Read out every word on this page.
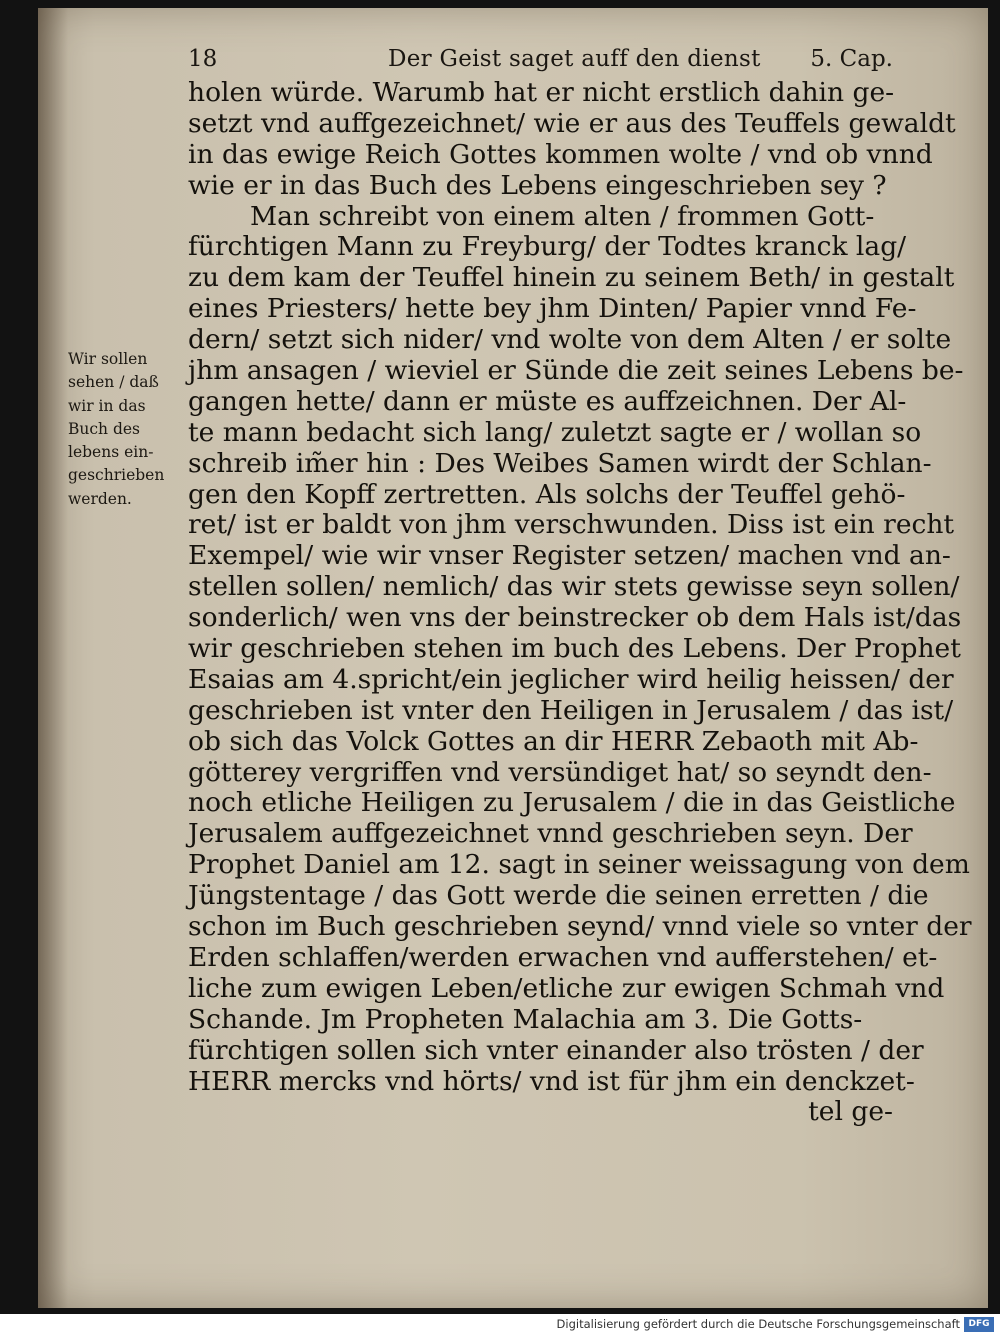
18	Der Geist saget auff den dienst 5. Cap.
Wir sollen
sehen / daß
wir in das
Buch des
lebens ein-
geschrieben
werden.
holen würde. Warumb hat er nicht erstlich dahin ge-
setzt vnd auffgezeichnet/ wie er aus des Teuffels gewaldt
in das ewige Reich Gottes kommen wolte / vnd ob vnnd
wie er in das Buch des Lebens eingeschrieben sey ?
Man schreibt von einem alten / frommen Gott-
fürchtigen Mann zu Freyburg/ der Todtes kranck lag/
zu dem kam der Teuffel hinein zu seinem Beth/ in gestalt
eines Priesters/ hette bey jhm Dinten/ Papier vnnd Fe-
dern/ setzt sich nider/ vnd wolte von dem Alten / er solte
jhm ansagen / wieviel er Sünde die zeit seines Lebens be-
gangen hette/ dann er müste es auffzeichnen. Der Al-
te mann bedacht sich lang/ zuletzt sagte er / wollan so
schreib im̃er hin : Des Weibes Samen wirdt der Schlan-
gen den Kopff zertretten. Als solchs der Teuffel gehö-
ret/ ist er baldt von jhm verschwunden. Diss ist ein recht
Exempel/ wie wir vnser Register setzen/ machen vnd an-
stellen sollen/ nemlich/ das wir stets gewisse seyn sollen/
sonderlich/ wen vns der beinstrecker ob dem Hals ist/das
wir geschrieben stehen im buch des Lebens. Der Prophet
Esaias am 4.spricht/ein jeglicher wird heilig heissen/ der
geschrieben ist vnter den Heiligen in Jerusalem / das ist/
ob sich das Volck Gottes an dir HERR Zebaoth mit Ab-
götterey vergriffen vnd versündiget hat/ so seyndt den-
noch etliche Heiligen zu Jerusalem / die in das Geistliche
Jerusalem auffgezeichnet vnnd geschrieben seyn. Der
Prophet Daniel am 12. sagt in seiner weissagung von dem
Jüngstentage / das Gott werde die seinen erretten / die
schon im Buch geschrieben seynd/ vnnd viele so vnter der
Erden schlaffen/werden erwachen vnd aufferstehen/ et-
liche zum ewigen Leben/etliche zur ewigen Schmah vnd
Schande. Jm Propheten Malachia am 3. Die Gotts-
fürchtigen sollen sich vnter einander also trösten / der
HERR mercks vnd hörts/ vnd ist für jhm ein denckzet-
tel ge-
Digitalisierung gefördert durch die Deutsche Forschungsgemeinschaft DFG
